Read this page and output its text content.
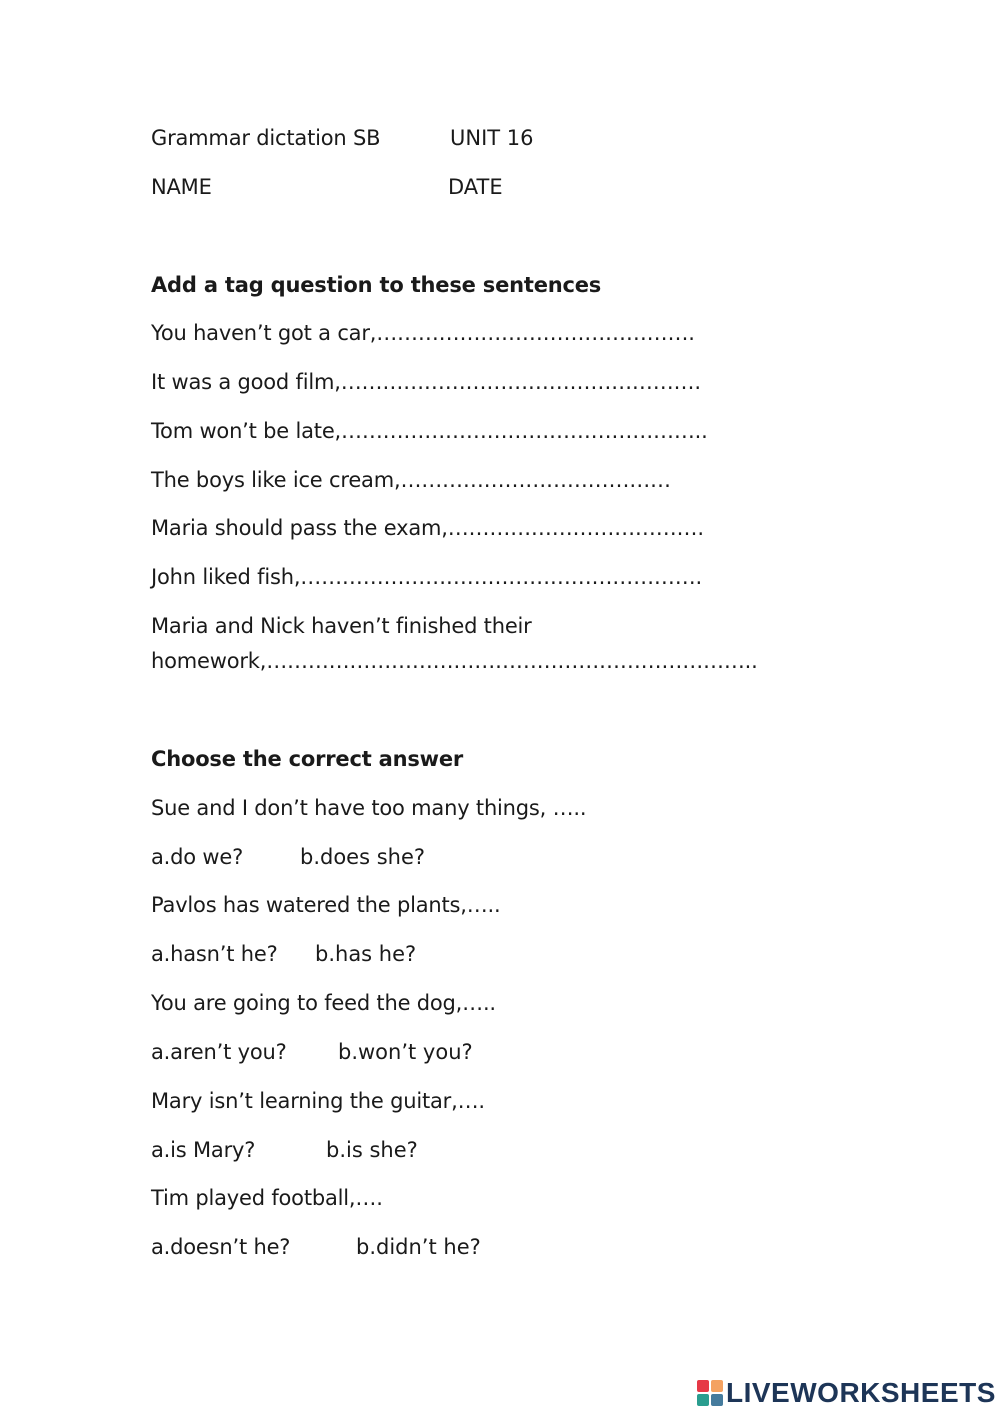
Grammar dictation SB	UNIT 16
NAME	DATE
Add a tag question to these sentences
You haven’t got a car,……………………………………….
It was a good film,…………………………………………….
Tom won’t be late,……………………………………………..
The boys like ice cream,…………………………………
Maria should pass the exam,……………………………….
John liked fish,………………………………………………….
Maria and Nick haven’t finished their
homework,……………………………………………………………..
Choose the correct answer
Sue and I don’t have too many things, …..
a.do we?	b.does she?
Pavlos has watered the plants,…..
a.hasn’t he? b.has he?
You are going to feed the dog,…..
a.aren’t you? b.won’t you?
Mary isn’t learning the guitar,….
a.is Mary?	b.is she?
Tim played football,….
a.doesn’t he?	b.didn’t he?
LIVEWORKSHEETS
